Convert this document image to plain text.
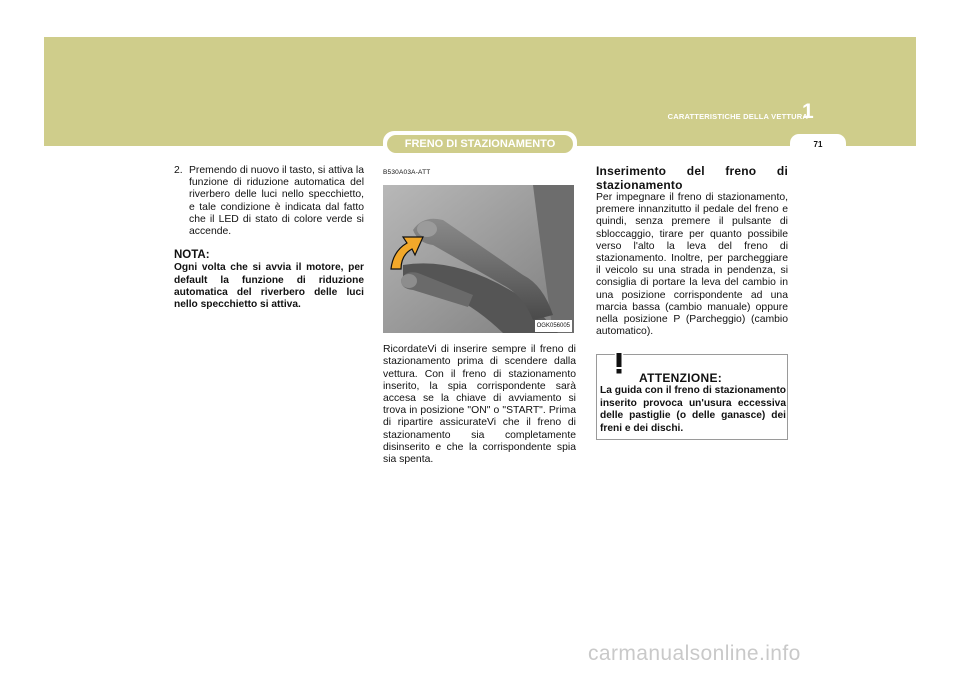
CARATTERISTICHE DELLA VETTURA
1
71
FRENO DI STAZIONAMENTO
2. Premendo di nuovo il tasto, si attiva la funzione di riduzione automatica del riverbero delle luci nello specchietto, e tale condizione è indicata dal fatto che il LED di stato di colore verde si accende.
NOTA:
Ogni volta che si avvia il motore, per default la funzione di riduzione automatica del riverbero delle luci nello specchietto si attiva.
B530A03A-ATT
OGK056005
RicordateVi di inserire sempre il freno di stazionamento prima di scendere dalla vettura. Con il freno di stazionamento inserito, la spia corrispondente sarà accesa se la chiave di avviamento si trova in posizione "ON" o "START". Prima di ripartire assicurateVi che il freno di stazionamento sia completamente disinserito e che la corrispondente spia sia spenta.
Inserimento del freno di stazionamento
Per impegnare il freno di stazionamento, premere innanzitutto il pedale del freno e quindi, senza premere il pulsante di sbloccaggio, tirare per quanto possibile verso l'alto la leva del freno di stazionamento. Inoltre, per parcheggiare il veicolo su una strada in pendenza, si consiglia di portare la leva del cambio in una posizione corrispondente ad una marcia bassa (cambio manuale) oppure nella posizione P (Parcheggio) (cambio automatico).
ATTENZIONE:
La guida con il freno di stazionamento inserito provoca un'usura eccessiva delle pastiglie (o delle ganasce) dei freni e dei dischi.
carmanualsonline.info
